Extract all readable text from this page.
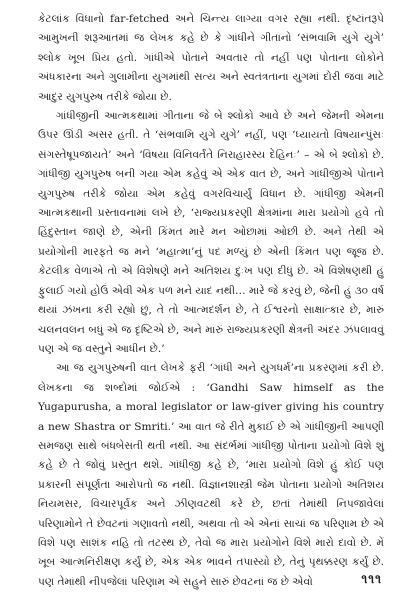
કેટલાંક વિધાનો far-fetched અને ચિન્ત્ય લાગ્યા વગર રહ્યા નથી. દૃષ્ટાંતરૂપે આમુખની શરૂઆતમાં જ લેખક કહે છે કે ગાંધીને ગીતાનો ‘સંભવામિ યુગે યુગે’ શ્લોક ખૂબ પ્રિય હતો. ગાંધીએ પોતાને અવતાર તો નહીં પણ પોતાના લોકોને અંધકારના અને ગુલામીના યુગમાંથી સત્ય અને સ્વતંત્રતાના યુગમાં દોરી જવા માટે આદુર યુગપુરુષ તરીકે જોયા છે.

ગાંધીજીની આત્મકથામાં ગીતાના જે બે શ્લોકો આવે છે અને જેમની એમના ઉપર ઊંડી અસર હતી. તે ‘સંભવામિ યુગે યુગે’ નહીં, પણ ‘ધ્યાયતો વિષયાન્પુંસઃ સંગસ્તેષૂપજાયતે’ અને ‘વિષયા વિનિવર્તંતે નિરાહારસ્ય દેહિનઃ’ – એ બે શ્લોકો છે. ગાંધીજી યુગપુરુષ બની ગયા એમ કહેવું એ એક વાત છે, અને ગાંધીજીએ પોતાને યુગપુરુષ તરીકે જોયા એમ કહેવું વગરવિચાર્યું વિધાન છે. ગાંધીજી એમની આત્મકથાની પ્રસ્તાવનામાં લખે છે, ‘રાજ્યપ્રકરણી ક્ષેત્રમાંના મારા પ્રયોગો હવે તો હિંદુસ્તાન જાણે છે, એની કિંમત મારે મન ઓછામાં ઓછી છે. અને તેથી એ પ્રયોગોની મારફતે જ મને ‘મહાત્મા’નું પદ મળ્યું છે એની કિંમત પણ જૂજ છે. કેટલીક વેળાએ તો એ વિશેષણે મને અતિશય દુઃખ પણ દીધું છે. એ વિશેષણથી હું ફુલાઈ ગયો હોઉં એવી એક પળ મને યાદ નથી… મારે જે કરવું છે, જેની હું ૩૦ વર્ષ થયાં ઝંખના કરી રહ્યો છું, તે તો આત્મદર્શન છે, તે ઈશ્વરનો સાક્ષાત્કાર છે, મારું ચલનવલન બધું એ જ દૃષ્ટિએ છે, અને મારું રાજ્યપ્રકરણી ક્ષેત્રની અંદર ઝંપલાવવું પણ એ જ વસ્તુને આધીન છે.’

આ જ યુગપુરુષની વાત લેખકે ફરી ‘ગાંધી અને યુગધર્મ’ના પ્રકરણમાં કરી છે. લેખકના જ શબ્દોમાં જોઈએ : ‘Gandhi Saw himself as the Yugapurusha, a moral legislator or law-giver giving his country a new Shastra or Smriti.’ આ વાત જે રીતે મુકાઈ છે એ ગાંધીજીની આપણી સમજણ સાથે બંધબેસતી થતી નથી. આ સંદર્ભમાં ગાંધીજી પોતાના પ્રયોગો વિશે શું કહે છે તે જોવું પ્રસ્તુત થશે. ગાંધીજી કહે છે, ‘મારા પ્રયોગો વિશે હું કોઈ પણ પ્રકારની સંપૂર્ણતા આરોપતો જ નથી. વિજ્ઞાનશાસ્ત્રી જેમ પોતાના પ્રયોગો અતિશય નિયમસર, વિચારપૂર્વક અને ઝીણવટથી કરે છે, છતાં તેમાંથી નિપજાવેલાં પરિણામોને તે છેવટનાં ગણાવતો નથી, અથવા તો એ એનાં સાચાં જ પરિણામ છે એ વિશે પણ સાશંક નહિ તો તટસ્થ છે, તેવો જ મારા પ્રયોગોને વિશે મારો દાવો છે. મેં ખૂબ આત્મનિરીક્ષણ કર્યું છે, એક એક ભાવને તપાસ્યો છે, તેનું પૃથક્કરણ કર્યું છે. પણ તેમાંથી નીપજેલાં પરિણામ એ સહુને સારું છેવટનાં જ છે એવો	૧૧૧
